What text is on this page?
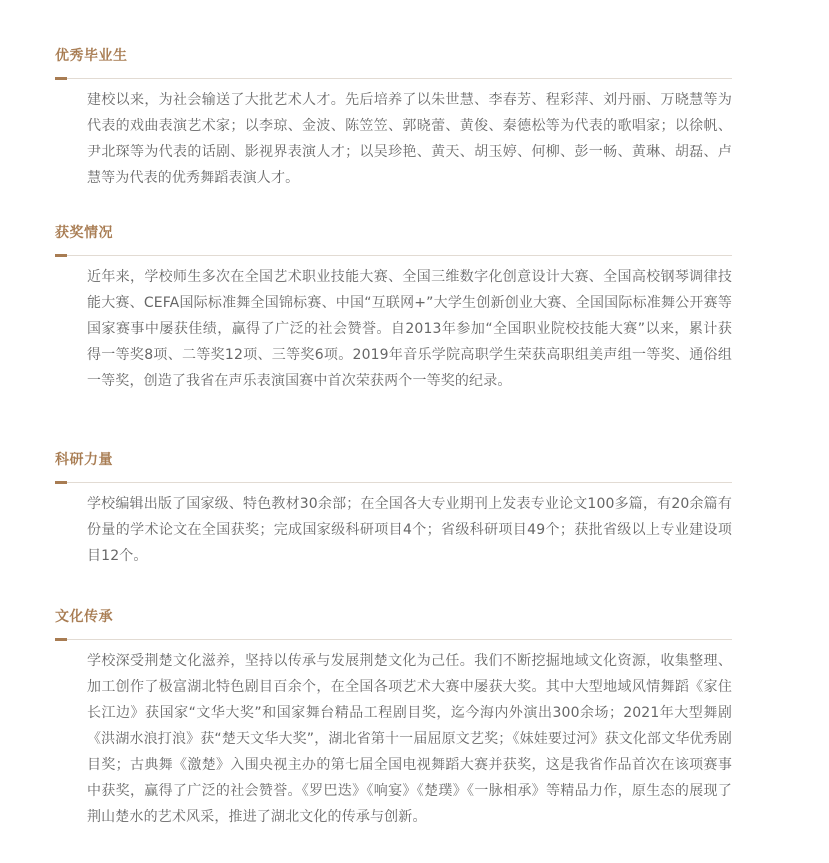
优秀毕业生

建校以来，为社会输送了大批艺术人才。先后培养了以朱世慧、李春芳、程彩萍、刘丹丽、万晓慧等为代表的戏曲表演艺术家；以李琼、金波、陈笠笠、郭晓蕾、黄俊、秦德松等为代表的歌唱家；以徐帆、尹北琛等为代表的话剧、影视界表演人才；以吴珍艳、黄天、胡玉婷、何柳、彭一畅、黄琳、胡磊、卢慧等为代表的优秀舞蹈表演人才。

获奖情况

近年来，学校师生多次在全国艺术职业技能大赛、全国三维数字化创意设计大赛、全国高校钢琴调律技能大赛、CEFA国际标准舞全国锦标赛、中国“互联网+”大学生创新创业大赛、全国国际标准舞公开赛等国家赛事中屡获佳绩，赢得了广泛的社会赞誉。自2013年参加“全国职业院校技能大赛”以来，累计获得一等奖8项、二等奖12项、三等奖6项。2019年音乐学院高职学生荣获高职组美声组一等奖、通俗组一等奖，创造了我省在声乐表演国赛中首次荣获两个一等奖的纪录。

科研力量

学校编辑出版了国家级、特色教材30余部；在全国各大专业期刊上发表专业论文100多篇，有20余篇有份量的学术论文在全国获奖；完成国家级科研项目4个；省级科研项目49个；获批省级以上专业建设项目12个。

文化传承

学校深受荆楚文化滋养，坚持以传承与发展荆楚文化为己任。我们不断挖掘地域文化资源，收集整理、加工创作了极富湖北特色剧目百余个，在全国各项艺术大赛中屡获大奖。其中大型地域风情舞蹈《家住长江边》获国家“文华大奖”和国家舞台精品工程剧目奖，迄今海内外演出300余场；2021年大型舞剧《洪湖水浪打浪》获“楚天文华大奖”，湖北省第十一届屈原文艺奖；《妹娃要过河》获文化部文华优秀剧目奖；古典舞《激楚》入围央视主办的第七届全国电视舞蹈大赛并获奖，这是我省作品首次在该项赛事中获奖，赢得了广泛的社会赞誉。《罗巴迭》《响宴》《楚璞》《一脉相承》等精品力作，原生态的展现了荆山楚水的艺术风采，推进了湖北文化的传承与创新。
